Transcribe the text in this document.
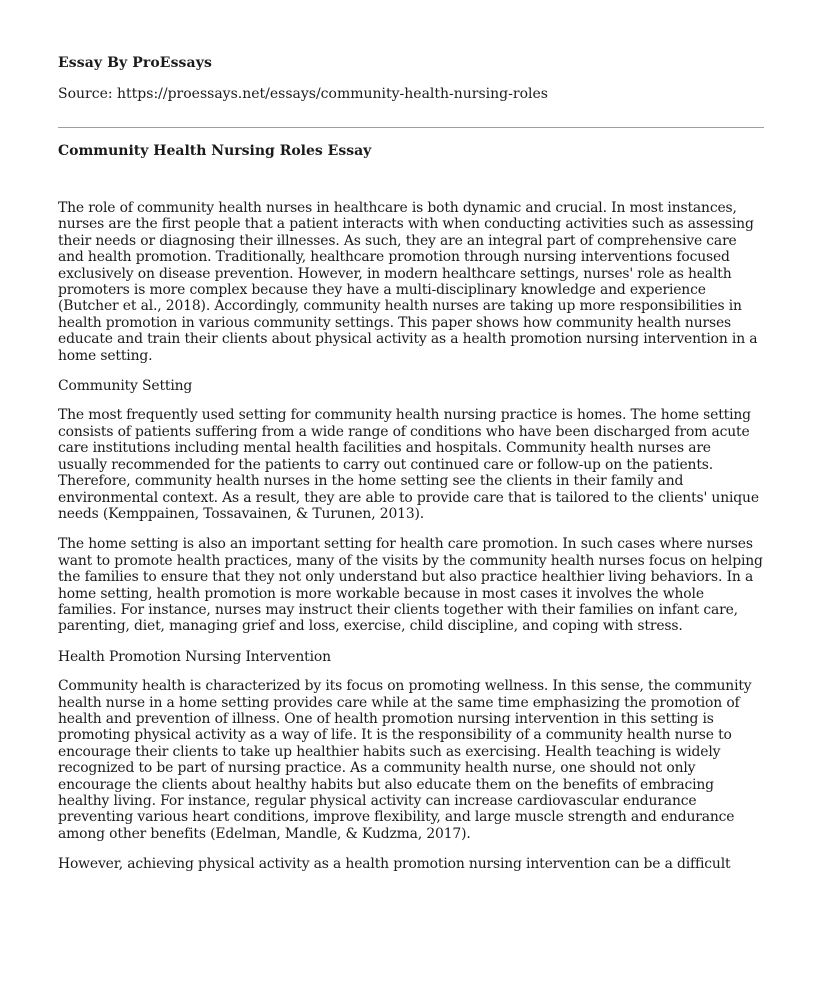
Essay By ProEssays
Source: https://proessays.net/essays/community-health-nursing-roles
Community Health Nursing Roles Essay

The role of community health nurses in healthcare is both dynamic and crucial. In most instances, nurses are the first people that a patient interacts with when conducting activities such as assessing their needs or diagnosing their illnesses. As such, they are an integral part of comprehensive care and health promotion. Traditionally, healthcare promotion through nursing interventions focused exclusively on disease prevention. However, in modern healthcare settings, nurses' role as health promoters is more complex because they have a multi-disciplinary knowledge and experience (Butcher et al., 2018). Accordingly, community health nurses are taking up more responsibilities in health promotion in various community settings. This paper shows how community health nurses educate and train their clients about physical activity as a health promotion nursing intervention in a home setting.

Community Setting

The most frequently used setting for community health nursing practice is homes. The home setting consists of patients suffering from a wide range of conditions who have been discharged from acute care institutions including mental health facilities and hospitals. Community health nurses are usually recommended for the patients to carry out continued care or follow-up on the patients. Therefore, community health nurses in the home setting see the clients in their family and environmental context. As a result, they are able to provide care that is tailored to the clients' unique needs (Kemppainen, Tossavainen, & Turunen, 2013).

The home setting is also an important setting for health care promotion. In such cases where nurses want to promote health practices, many of the visits by the community health nurses focus on helping the families to ensure that they not only understand but also practice healthier living behaviors. In a home setting, health promotion is more workable because in most cases it involves the whole families. For instance, nurses may instruct their clients together with their families on infant care, parenting, diet, managing grief and loss, exercise, child discipline, and coping with stress.

Health Promotion Nursing Intervention

Community health is characterized by its focus on promoting wellness. In this sense, the community health nurse in a home setting provides care while at the same time emphasizing the promotion of health and prevention of illness. One of health promotion nursing intervention in this setting is promoting physical activity as a way of life. It is the responsibility of a community health nurse to encourage their clients to take up healthier habits such as exercising. Health teaching is widely recognized to be part of nursing practice. As a community health nurse, one should not only encourage the clients about healthy habits but also educate them on the benefits of embracing healthy living. For instance, regular physical activity can increase cardiovascular endurance preventing various heart conditions, improve flexibility, and large muscle strength and endurance among other benefits (Edelman, Mandle, & Kudzma, 2017).

However, achieving physical activity as a health promotion nursing intervention can be a difficult
